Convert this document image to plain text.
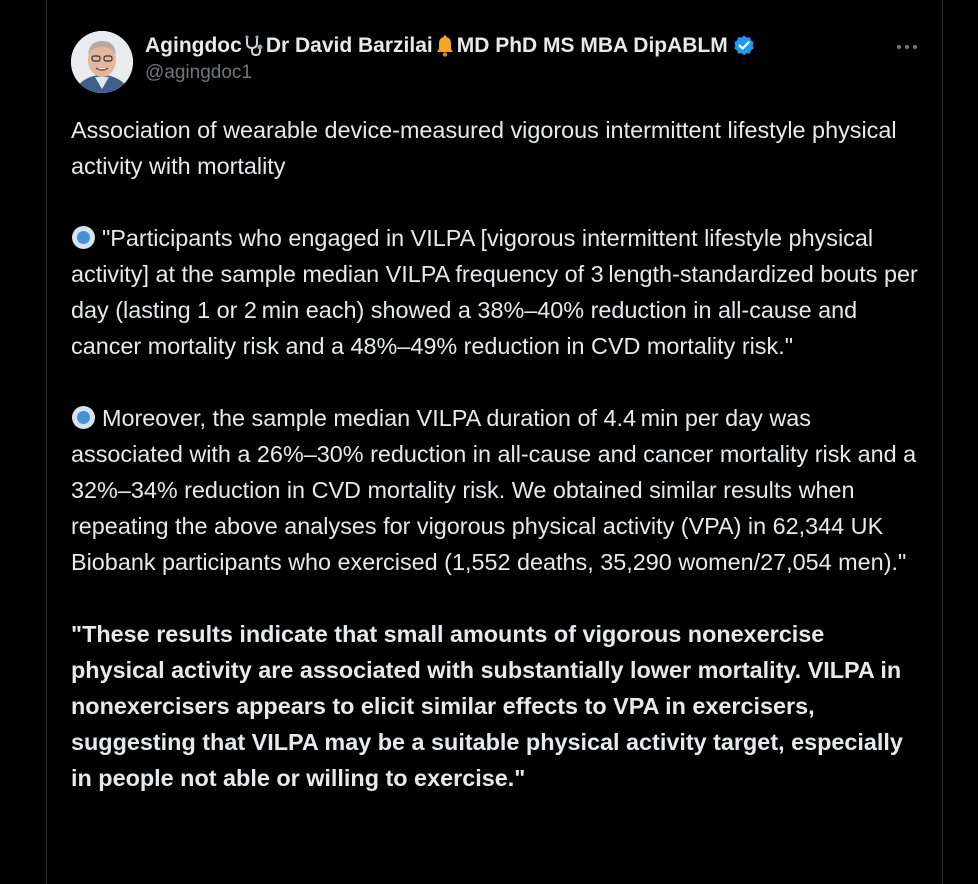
Agingdoc Dr David Barzilai MD PhD MS MBA DipABLM
@agingdoc1

Association of wearable device-measured vigorous intermittent lifestyle physical activity with mortality

"Participants who engaged in VILPA [vigorous intermittent lifestyle physical activity] at the sample median VILPA frequency of 3 length-standardized bouts per day (lasting 1 or 2 min each) showed a 38%–40% reduction in all-cause and cancer mortality risk and a 48%–49% reduction in CVD mortality risk."

Moreover, the sample median VILPA duration of 4.4 min per day was associated with a 26%–30% reduction in all-cause and cancer mortality risk and a 32%–34% reduction in CVD mortality risk. We obtained similar results when repeating the above analyses for vigorous physical activity (VPA) in 62,344 UK Biobank participants who exercised (1,552 deaths, 35,290 women/27,054 men)."

"These results indicate that small amounts of vigorous nonexercise physical activity are associated with substantially lower mortality. VILPA in nonexercisers appears to elicit similar effects to VPA in exercisers, suggesting that VILPA may be a suitable physical activity target, especially in people not able or willing to exercise."
